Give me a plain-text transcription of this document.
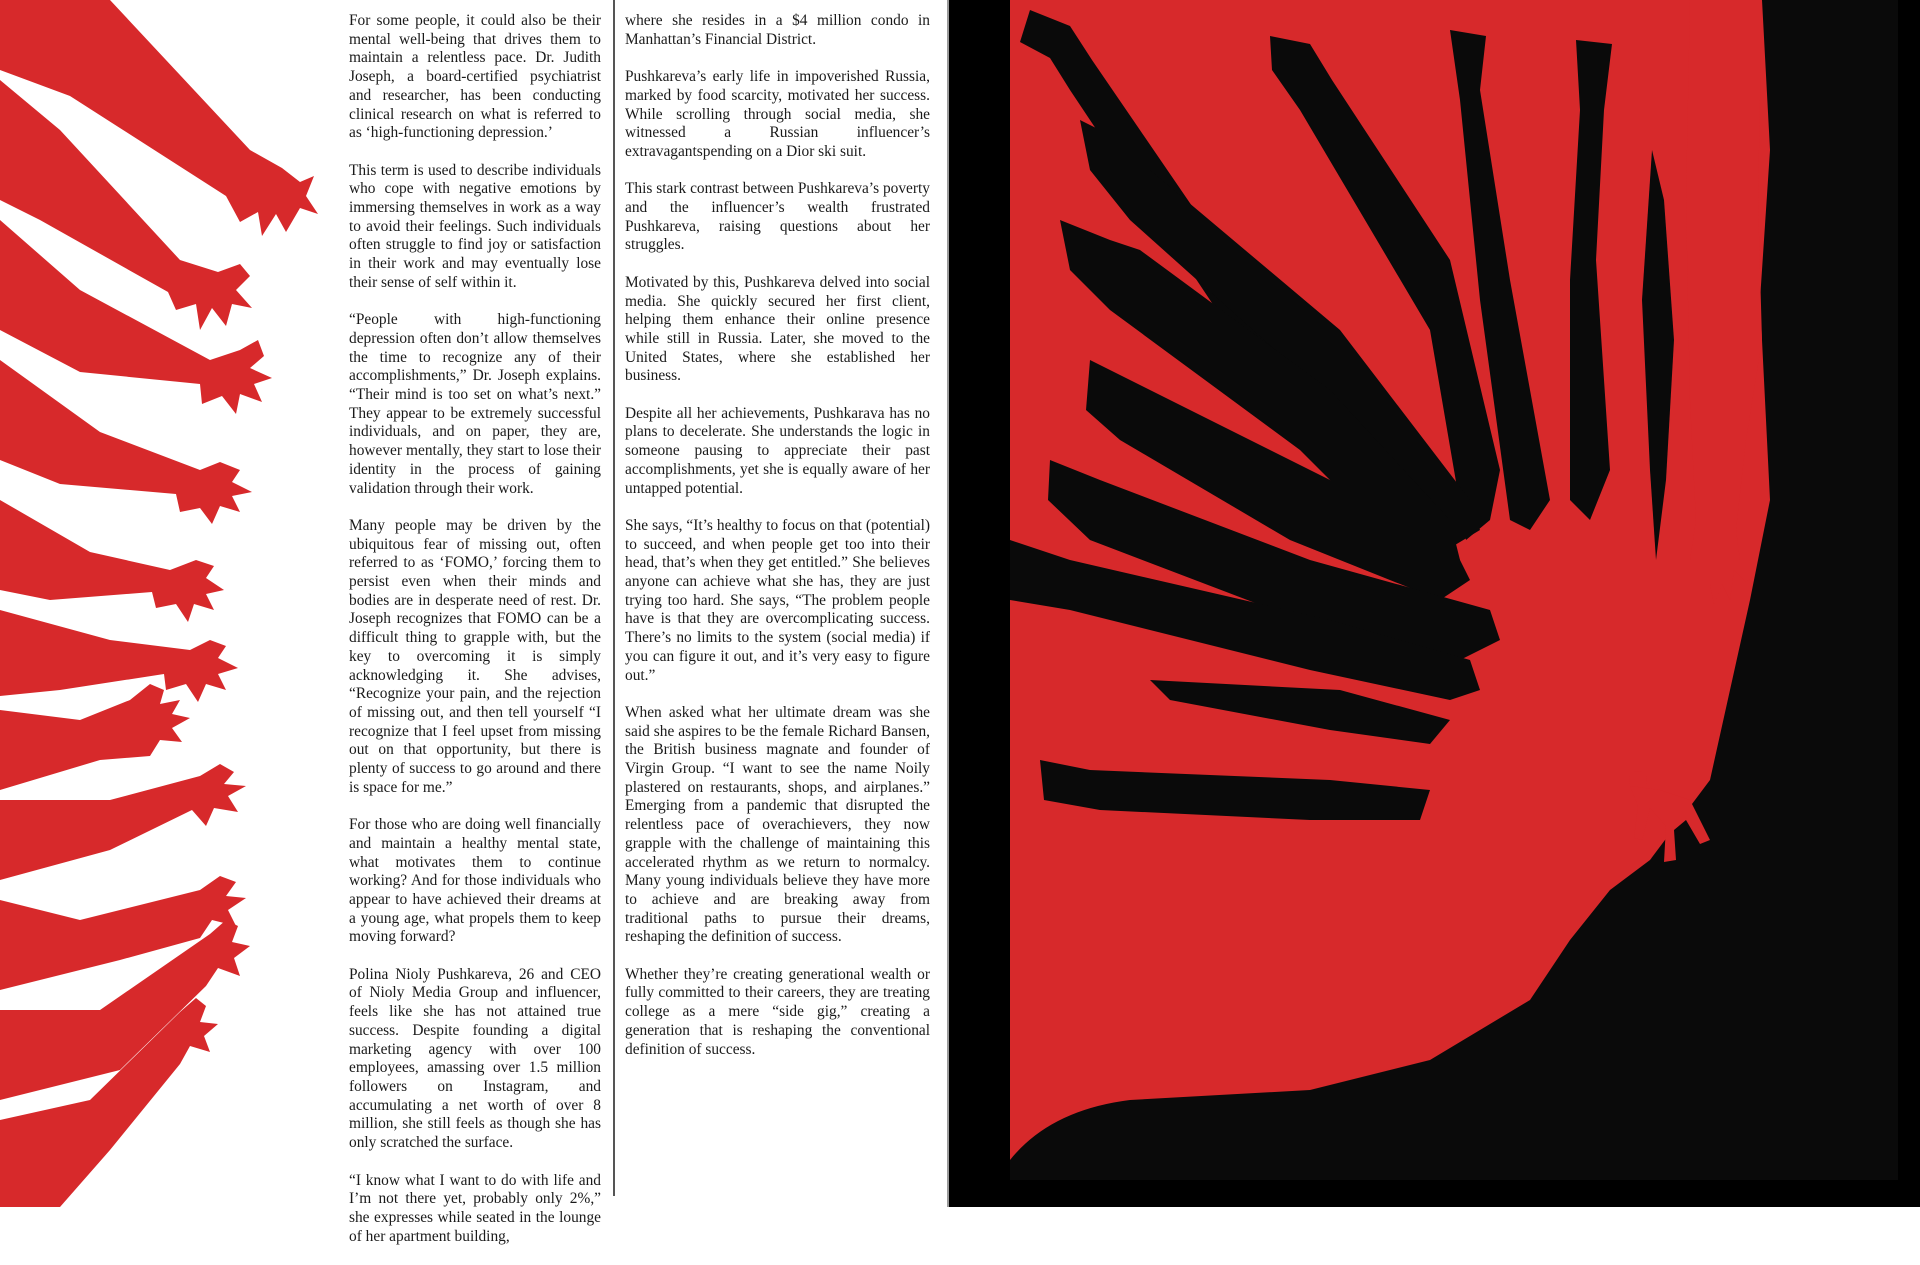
For some people, it could also be their mental well-being that drives them to maintain a relentless pace. Dr. Judith Joseph, a board-certified psychiatrist and researcher, has been conducting clinical research on what is referred to as ‘high-functioning depression.’

This term is used to describe individuals who cope with negative emotions by immersing themselves in work as a way to avoid their feelings. Such individuals often struggle to find joy or satisfaction in their work and may eventually lose their sense of self within it.

“People with high-functioning depression often don’t allow themselves the time to recognize any of their accomplishments,” Dr. Joseph explains. “Their mind is too set on what’s next.” They appear to be extremely successful individuals, and on paper, they are, however mentally, they start to lose their identity in the process of gaining validation through their work.

Many people may be driven by the ubiquitous fear of missing out, often referred to as ‘FOMO,’ forcing them to persist even when their minds and bodies are in desperate need of rest. Dr. Joseph recognizes that FOMO can be a difficult thing to grapple with, but the key to overcoming it is simply acknowledging it. She advises, “Recognize your pain, and the rejection of missing out, and then tell yourself “I recognize that I feel upset from missing out on that opportunity, but there is plenty of success to go around and there is space for me.”

For those who are doing well financially and maintain a healthy mental state, what motivates them to continue working? And for those individuals who appear to have achieved their dreams at a young age, what propels them to keep moving forward?

Polina Nioly Pushkareva, 26 and CEO of Nioly Media Group and influencer, feels like she has not attained true success. Despite founding a digital marketing agency with over 100 employees, amassing over 1.5 million followers on Instagram, and accumulating a net worth of over 8 million, she still feels as though she has only scratched the surface.

“I know what I want to do with life and I’m not there yet, probably only 2%,” she expresses while seated in the lounge of her apartment building,

where she resides in a $4 million condo in Manhattan’s Financial District.

Pushkareva’s early life in impoverished Russia, marked by food scarcity, motivated her success. While scrolling through social media, she witnessed a Russian influencer’s extravagantspending on a Dior ski suit.

This stark contrast between Pushkareva’s poverty and the influencer’s wealth frustrated Pushkareva, raising questions about her struggles.

Motivated by this, Pushkareva delved into social media. She quickly secured her first client, helping them enhance their online presence while still in Russia. Later, she moved to the United States, where she established her business.

Despite all her achievements, Pushkarava has no plans to decelerate. She understands the logic in someone pausing to appreciate their past accomplishments, yet she is equally aware of her untapped potential.

She says, “It’s healthy to focus on that (potential) to succeed, and when people get too into their head, that’s when they get entitled.” She believes anyone can achieve what she has, they are just trying too hard. She says, “The problem people have is that they are overcomplicating success. There’s no limits to the system (social media) if you can figure it out, and it’s very easy to figure out.”

When asked what her ultimate dream was she said she aspires to be the female Richard Bansen, the British business magnate and founder of Virgin Group. “I want to see the name Noily plastered on restaurants, shops, and airplanes.” Emerging from a pandemic that disrupted the relentless pace of overachievers, they now grapple with the challenge of maintaining this accelerated rhythm as we return to normalcy. Many young individuals believe they have more to achieve and are breaking away from traditional paths to pursue their dreams, reshaping the definition of success.

Whether they’re creating generational wealth or fully committed to their careers, they are treating college as a mere “side gig,” creating a generation that is reshaping the conventional definition of success.
